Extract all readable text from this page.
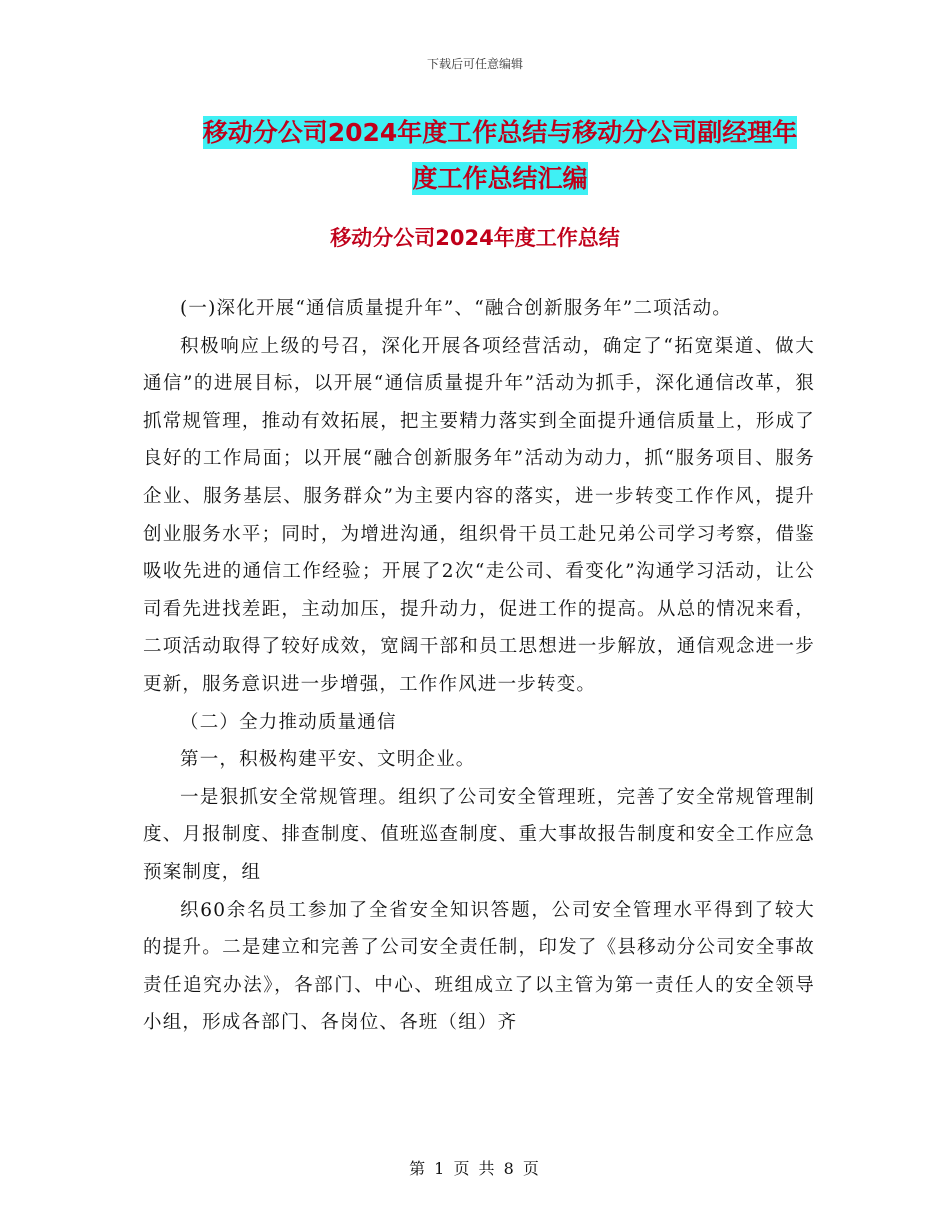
下载后可任意编辑
移动分公司2024年度工作总结与移动分公司副经理年
度工作总结汇编
移动分公司2024年度工作总结

(一)深化开展“通信质量提升年”、“融合创新服务年”二项活动。

积极响应上级的号召，深化开展各项经营活动，确定了“拓宽渠道、做大通信”的进展目标，以开展“通信质量提升年”活动为抓手，深化通信改革，狠抓常规管理，推动有效拓展，把主要精力落实到全面提升通信质量上，形成了良好的工作局面；以开展“融合创新服务年”活动为动力，抓“服务项目、服务企业、服务基层、服务群众”为主要内容的落实，进一步转变工作作风，提升创业服务水平；同时，为增进沟通，组织骨干员工赴兄弟公司学习考察，借鉴吸收先进的通信工作经验；开展了2次“走公司、看变化”沟通学习活动，让公司看先进找差距，主动加压，提升动力，促进工作的提高。从总的情况来看，二项活动取得了较好成效，宽阔干部和员工思想进一步解放，通信观念进一步更新，服务意识进一步增强，工作作风进一步转变。

（二）全力推动质量通信

第一，积极构建平安、文明企业。

一是狠抓安全常规管理。组织了公司安全管理班，完善了安全常规管理制度、月报制度、排查制度、值班巡查制度、重大事故报告制度和安全工作应急预案制度，组

织60余名员工参加了全省安全知识答题，公司安全管理水平得到了较大的提升。二是建立和完善了公司安全责任制，印发了《县移动分公司安全事故责任追究办法》，各部门、中心、班组成立了以主管为第一责任人的安全领导小组，形成各部门、各岗位、各班（组）齐

第 1 页 共 8 页
